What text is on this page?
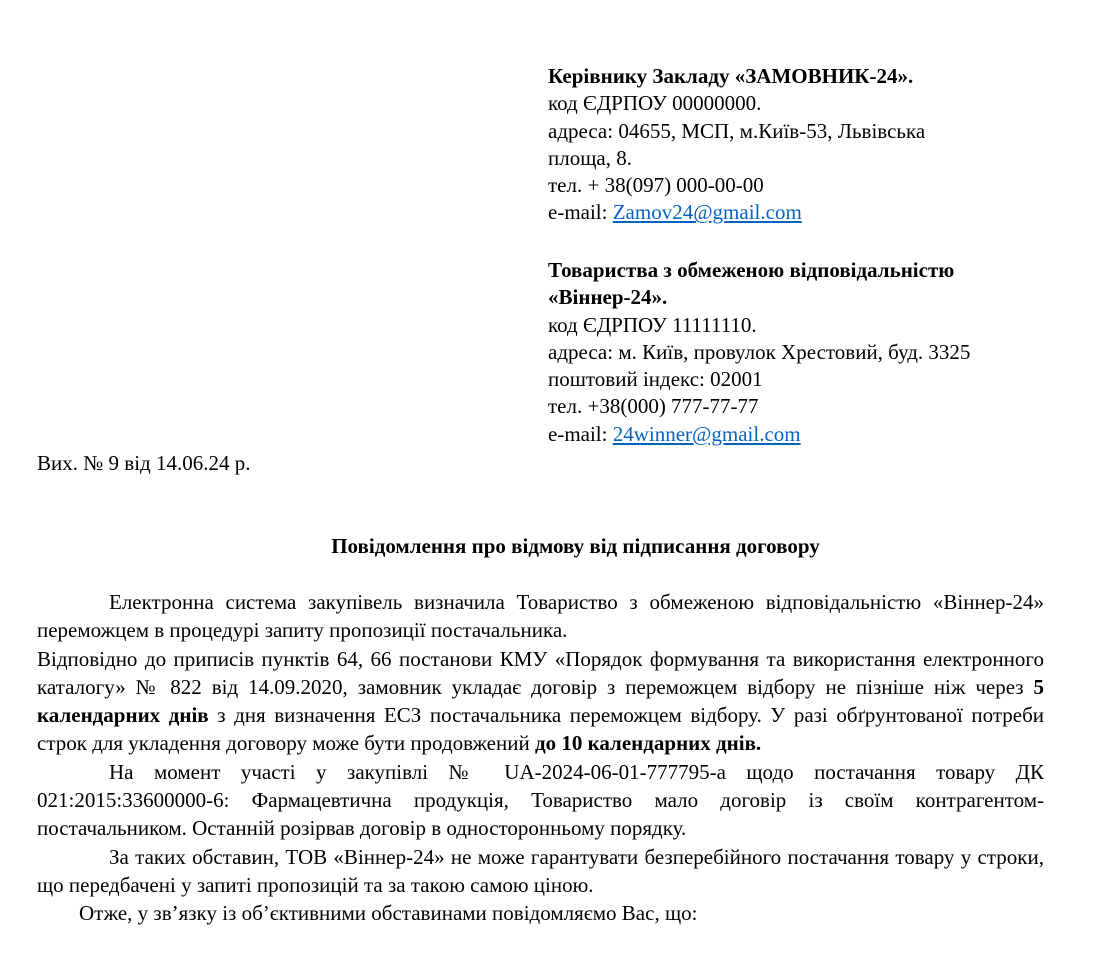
Керівнику Закладу «ЗАМОВНИК-24».
код ЄДРПОУ 00000000.
адреса: 04655, МСП, м.Київ-53, Львівська
площа, 8.
тел. + 38(097) 000-00-00
e-mail: Zamov24@gmail.com
Товариства з обмеженою відповідальністю
«Віннер-24».
код ЄДРПОУ 11111110.
адреса: м. Київ, провулок Хрестовий, буд. 3325
поштовий індекс: 02001
тел. +38(000) 777-77-77
e-mail: 24winner@gmail.com
Вих. № 9 від 14.06.24 р.
Повідомлення про відмову від підписання договору

Електронна система закупівель визначила Товариство з обмеженою відповідальністю «Віннер-24» переможцем в процедурі запиту пропозиції постачальника.

Відповідно до приписів пунктів 64, 66 постанови КМУ «Порядок формування та використання електронного каталогу» № 822 від 14.09.2020, замовник укладає договір з переможцем відбору не пізніше ніж через 5 календарних днів з дня визначення ЕСЗ постачальника переможцем відбору. У разі обґрунтованої потреби строк для укладення договору може бути продовжений до 10 календарних днів.

На момент участі у закупівлі № UA-2024-06-01-777795-a щодо постачання товару ДК 021:2015:33600000-6: Фармацевтична продукція, Товариство мало договір із своїм контрагентом-постачальником. Останній розірвав договір в односторонньому порядку.

За таких обставин, ТОВ «Віннер-24» не може гарантувати безперебійного постачання товару у строки, що передбачені у запиті пропозицій та за такою самою ціною.

Отже, у зв’язку із об’єктивними обставинами повідомляємо Вас, що:
